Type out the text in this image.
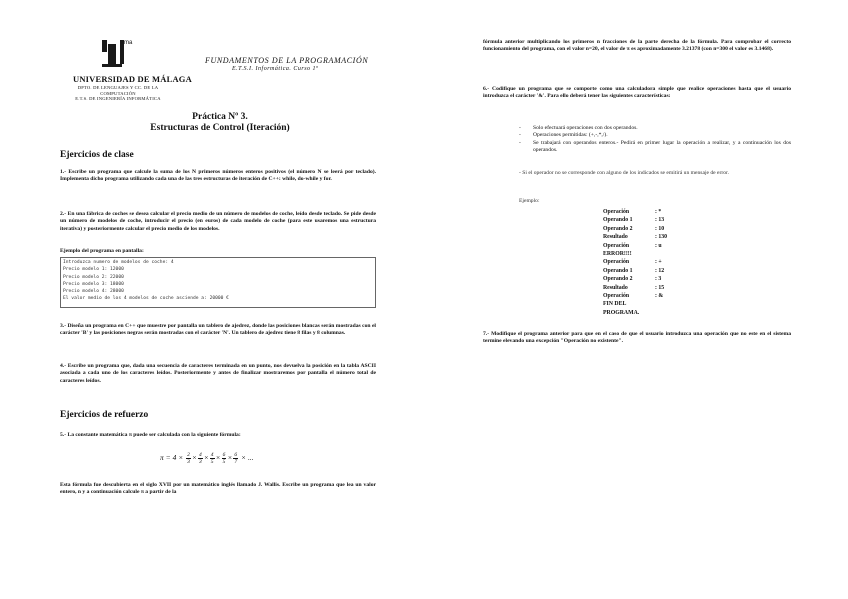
ma
UNIVERSIDAD DE MÁLAGA
DPTO. DE LENGUAJES Y CC. DE LA COMPUTACIÓN
E.T.S. DE INGENIERÍA INFORMÁTICA
FUNDAMENTOS DE LA PROGRAMACIÓN
E.T.S.I. Informática. Curso 1º
Práctica Nº 3.
Estructuras de Control (Iteración)
Ejercicios de clase
1.- Escribe un programa que calcule la suma de los N primeros números enteros positivos (el número N se leerá por teclado). Implementa dicho programa utilizando cada una de las tres estructuras de iteración de C++: while, do-while y for.
2.- En una fábrica de coches se desea calcular el precio medio de un número de modelos de coche, leído desde teclado. Se pide desde un número de modelos de coche, introducir el precio (en euros) de cada modelo de coche (para este usaremos una estructura iterativa) y posteriormente calcular el precio medio de los modelos.
Ejemplo del programa en pantalla:
Introduzca numero de modelos de coche: 4
Precio modelo 1: 12000
Precio modelo 2: 22000
Precio modelo 3: 18000
Precio modelo 4: 28000
El valor medio de los 4 modelos de coche asciende a: 20000 €
3.- Diseña un programa en C++ que muestre por pantalla un tablero de ajedrez, donde las posiciones blancas serán mostradas con el carácter 'B' y las posiciones negras serán mostradas con el carácter 'N'. Un tablero de ajedrez tiene 8 filas y 8 columnas.
4.- Escribe un programa que, dada una secuencia de caracteres terminada en un punto, nos devuelva la posición en la tabla ASCII asociada a cada uno de los caracteres leídos. Posteriormente y antes de finalizar mostraremos por pantalla el número total de caracteres leídos.
Ejercicios de refuerzo
5.- La constante matemática π puede ser calculada con la siguiente fórmula:
$\pi = 4 \times \frac{2}{3} \times \frac{4}{3} \times \frac{4}{5} \times \frac{6}{5} \times \frac{6}{7}$ × ...
Esta fórmula fue descubierta en el siglo XVII por un matemático inglés llamado J. Wallis. Escribe un programa que lea un valor entero, n y a continuación calcule π a partir de la
fórmula anterior multiplicando los primeros n fracciones de la parte derecha de la fórmula. Para comprobar el correcto funcionamiento del programa, con el valor n=20, el valor de π es aproximadamente 3.21378 (con n=300 el valor es 3.1468).
6.- Codifique un programa que se comporte como una calculadora simple que realice operaciones hasta que el usuario introduzca el carácter '&'. Para ello deberá tener las siguientes características:
- Solo efectuará operaciones con dos operandos.
- Operaciones permitidas: (+,-,*,/).
- Se trabajará con operandos enteros.- Pedirá en primer lugar la operación a realizar, y a continuación los dos operandos.
- Si el operador no se corresponde con alguno de los indicados se emitirá un mensaje de error.
Ejemplo:
Operación	: *
Operando 1	: 13
Operando 2	: 10
Resultado	: 130
Operación	: u
ERROR!!!!
Operación	: +
Operando 1	: 12
Operando 2	: 3
Resultado	: 15
Operación	: &
FIN DEL PROGRAMA.
7.- Modifique el programa anterior para que en el caso de que el usuario introduzca una operación que no este en el sistema termine elevando una excepción "Operación no existente".
